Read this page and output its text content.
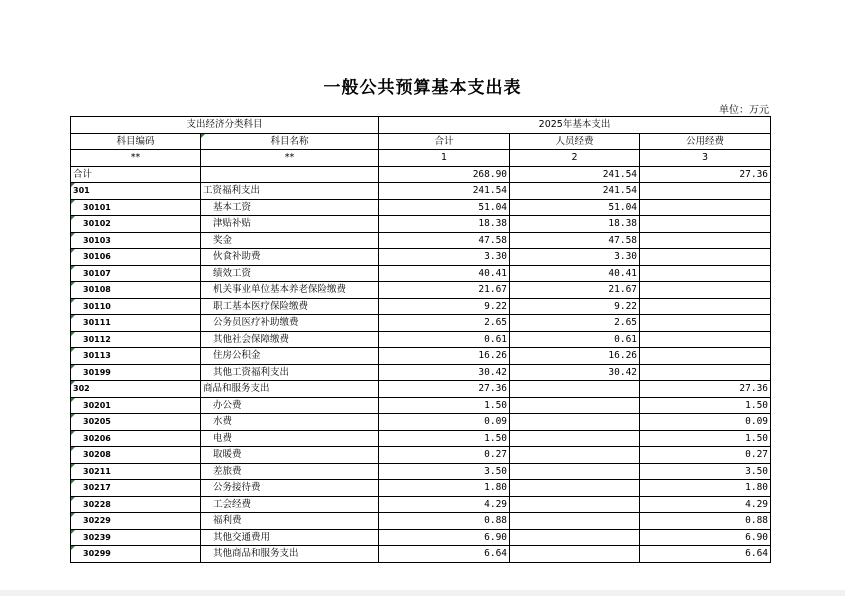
一般公共预算基本支出表
单位：万元
支出经济分类科目		2025年基本支出		
科目编码	科目名称	合计	人员经费	公用经费
**	**	1	2	3
合计		268.90	241.54	27.36
301	工资福利支出	241.54	241.54	
30101	基本工资	51.04	51.04	
30102	津贴补贴	18.38	18.38	
30103	奖金	47.58	47.58	
30106	伙食补助费	3.30	3.30	
30107	绩效工资	40.41	40.41	
30108	机关事业单位基本养老保险缴费	21.67	21.67	
30110	职工基本医疗保险缴费	9.22	9.22	
30111	公务员医疗补助缴费	2.65	2.65	
30112	其他社会保障缴费	0.61	0.61	
30113	住房公积金	16.26	16.26	
30199	其他工资福利支出	30.42	30.42	
302	商品和服务支出	27.36		27.36
30201	办公费	1.50		1.50
30205	水费	0.09		0.09
30206	电费	1.50		1.50
30208	取暖费	0.27		0.27
30211	差旅费	3.50		3.50
30217	公务接待费	1.80		1.80
30228	工会经费	4.29		4.29
30229	福利费	0.88		0.88
30239	其他交通费用	6.90		6.90
30299	其他商品和服务支出	6.64		6.64
